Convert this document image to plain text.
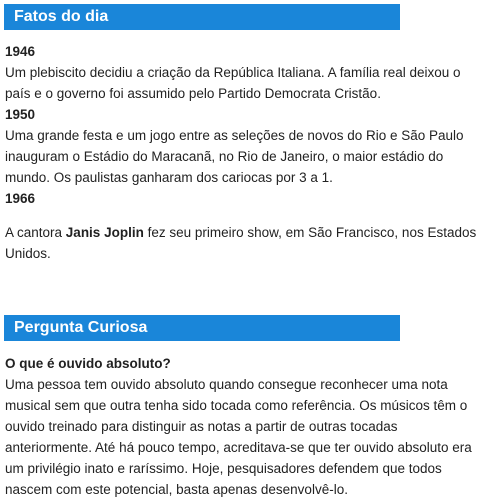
Fatos do dia
1946
Um plebiscito decidiu a criação da República Italiana. A família real deixou o país e o governo foi assumido pelo Partido Democrata Cristão.
1950
Uma grande festa e um jogo entre as seleções de novos do Rio e São Paulo inauguram o Estádio do Maracanã, no Rio de Janeiro, o maior estádio do mundo. Os paulistas ganharam dos cariocas por 3 a 1.
1966
A cantora Janis Joplin fez seu primeiro show, em São Francisco, nos Estados Unidos.
Pergunta Curiosa
O que é ouvido absoluto?
Uma pessoa tem ouvido absoluto quando consegue reconhecer uma nota musical sem que outra tenha sido tocada como referência. Os músicos têm o ouvido treinado para distinguir as notas a partir de outras tocadas anteriormente. Até há pouco tempo, acreditava-se que ter ouvido absoluto era um privilégio inato e raríssimo. Hoje, pesquisadores defendem que todos nascem com este potencial, basta apenas desenvolvê-lo.
